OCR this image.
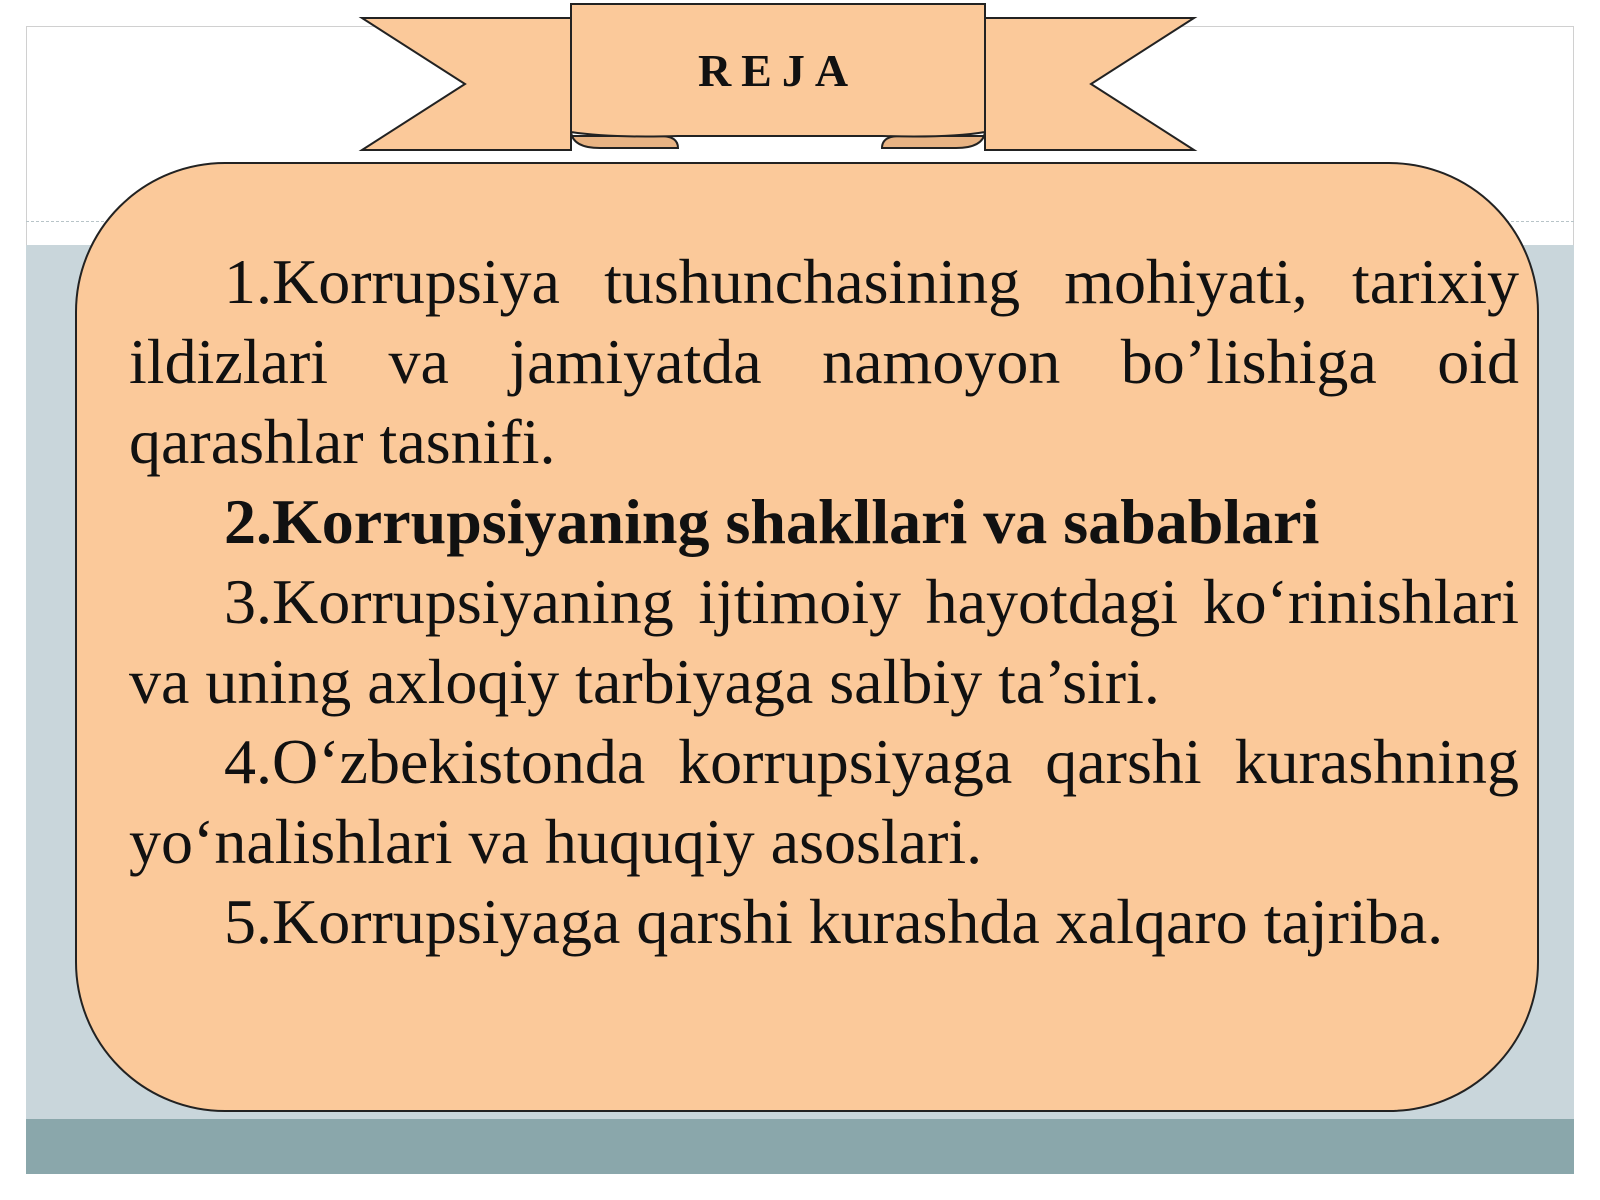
REJA

1.Korrupsiya tushunchasining mohiyati, tarixiy ildizlari va jamiyatda namoyon bo’lishiga oid qarashlar tasnifi.

2.Korrupsiyaning shakllari va sabablari

3.Korrupsiyaning ijtimoiy hayotdagi ko‘rinishlari va uning axloqiy tarbiyaga salbiy ta’siri.

4.O‘zbekistonda korrupsiyaga qarshi kurashning yo‘nalishlari va huquqiy asoslari.

5.Korrupsiyaga qarshi kurashda xalqaro tajriba.
